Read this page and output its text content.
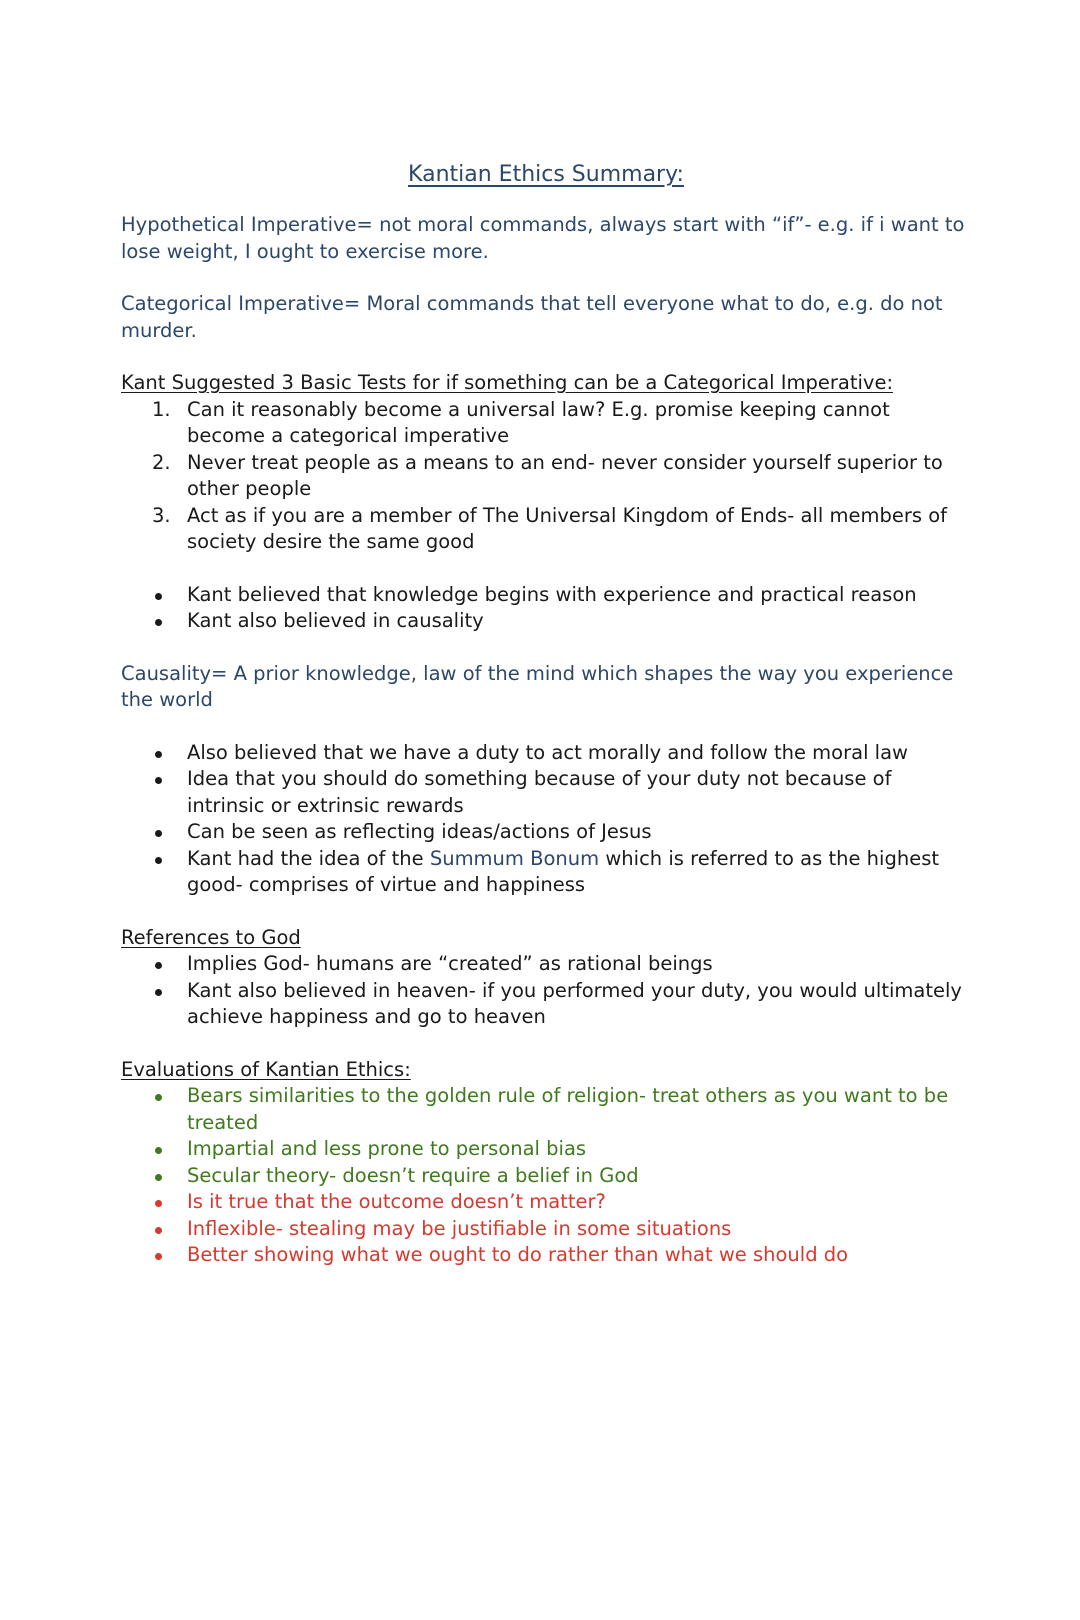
Kantian Ethics Summary:

Hypothetical Imperative= not moral commands, always start with “if”- e.g. if i want to lose weight, I ought to exercise more.

Categorical Imperative= Moral commands that tell everyone what to do, e.g. do not murder.

Kant Suggested 3 Basic Tests for if something can be a Categorical Imperative:

1. Can it reasonably become a universal law? E.g. promise keeping cannot become a categorical imperative
2. Never treat people as a means to an end- never consider yourself superior to other people
3. Act as if you are a member of The Universal Kingdom of Ends- all members of society desire the same good
Kant believed that knowledge begins with experience and practical reason
Kant also believed in causality

Causality= A prior knowledge, law of the mind which shapes the way you experience the world

Also believed that we have a duty to act morally and follow the moral law
Idea that you should do something because of your duty not because of intrinsic or extrinsic rewards
Can be seen as reflecting ideas/actions of Jesus
Kant had the idea of the Summum Bonum which is referred to as the highest good- comprises of virtue and happiness

References to God

Implies God- humans are “created” as rational beings
Kant also believed in heaven- if you performed your duty, you would ultimately achieve happiness and go to heaven

Evaluations of Kantian Ethics:

Bears similarities to the golden rule of religion- treat others as you want to be treated
Impartial and less prone to personal bias
Secular theory- doesn’t require a belief in God
Is it true that the outcome doesn’t matter?
Inflexible- stealing may be justifiable in some situations
Better showing what we ought to do rather than what we should do
